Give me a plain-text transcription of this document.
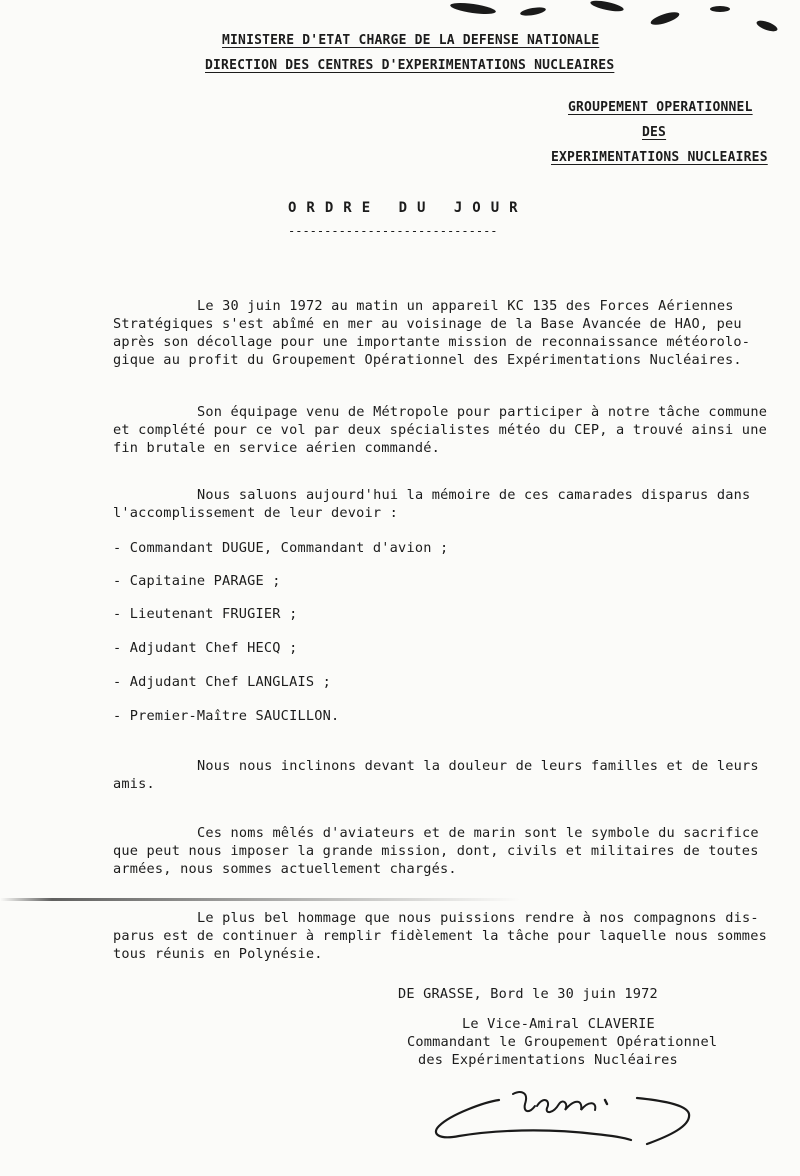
MINISTERE D'ETAT CHARGE DE LA DEFENSE NATIONALE
DIRECTION DES CENTRES D'EXPERIMENTATIONS NUCLEAIRES
GROUPEMENT OPERATIONNEL
DES
EXPERIMENTATIONS NUCLEAIRES
ORDRE DU JOUR
-----------------------------
Le 30 juin 1972 au matin un appareil KC 135 des Forces Aériennes
Stratégiques s'est abîmé en mer au voisinage de la Base Avancée de HAO, peu
après son décollage pour une importante mission de reconnaissance météorolo-
gique au profit du Groupement Opérationnel des Expérimentations Nucléaires.
Son équipage venu de Métropole pour participer à notre tâche commune
et complété pour ce vol par deux spécialistes météo du CEP, a trouvé ainsi une
fin brutale en service aérien commandé.
Nous saluons aujourd'hui la mémoire de ces camarades disparus dans
l'accomplissement de leur devoir :
- Commandant DUGUE, Commandant d'avion ;
- Capitaine PARAGE ;
- Lieutenant FRUGIER ;
- Adjudant Chef HECQ ;
- Adjudant Chef LANGLAIS ;
- Premier-Maître SAUCILLON.
Nous nous inclinons devant la douleur de leurs familles et de leurs
amis.
Ces noms mêlés d'aviateurs et de marin sont le symbole du sacrifice
que peut nous imposer la grande mission, dont, civils et militaires de toutes
armées, nous sommes actuellement chargés.
Le plus bel hommage que nous puissions rendre à nos compagnons dis-
parus est de continuer à remplir fidèlement la tâche pour laquelle nous sommes
tous réunis en Polynésie.
DE GRASSE, Bord le 30 juin 1972
Le Vice-Amiral CLAVERIE
Commandant le Groupement Opérationnel
des Expérimentations Nucléaires
